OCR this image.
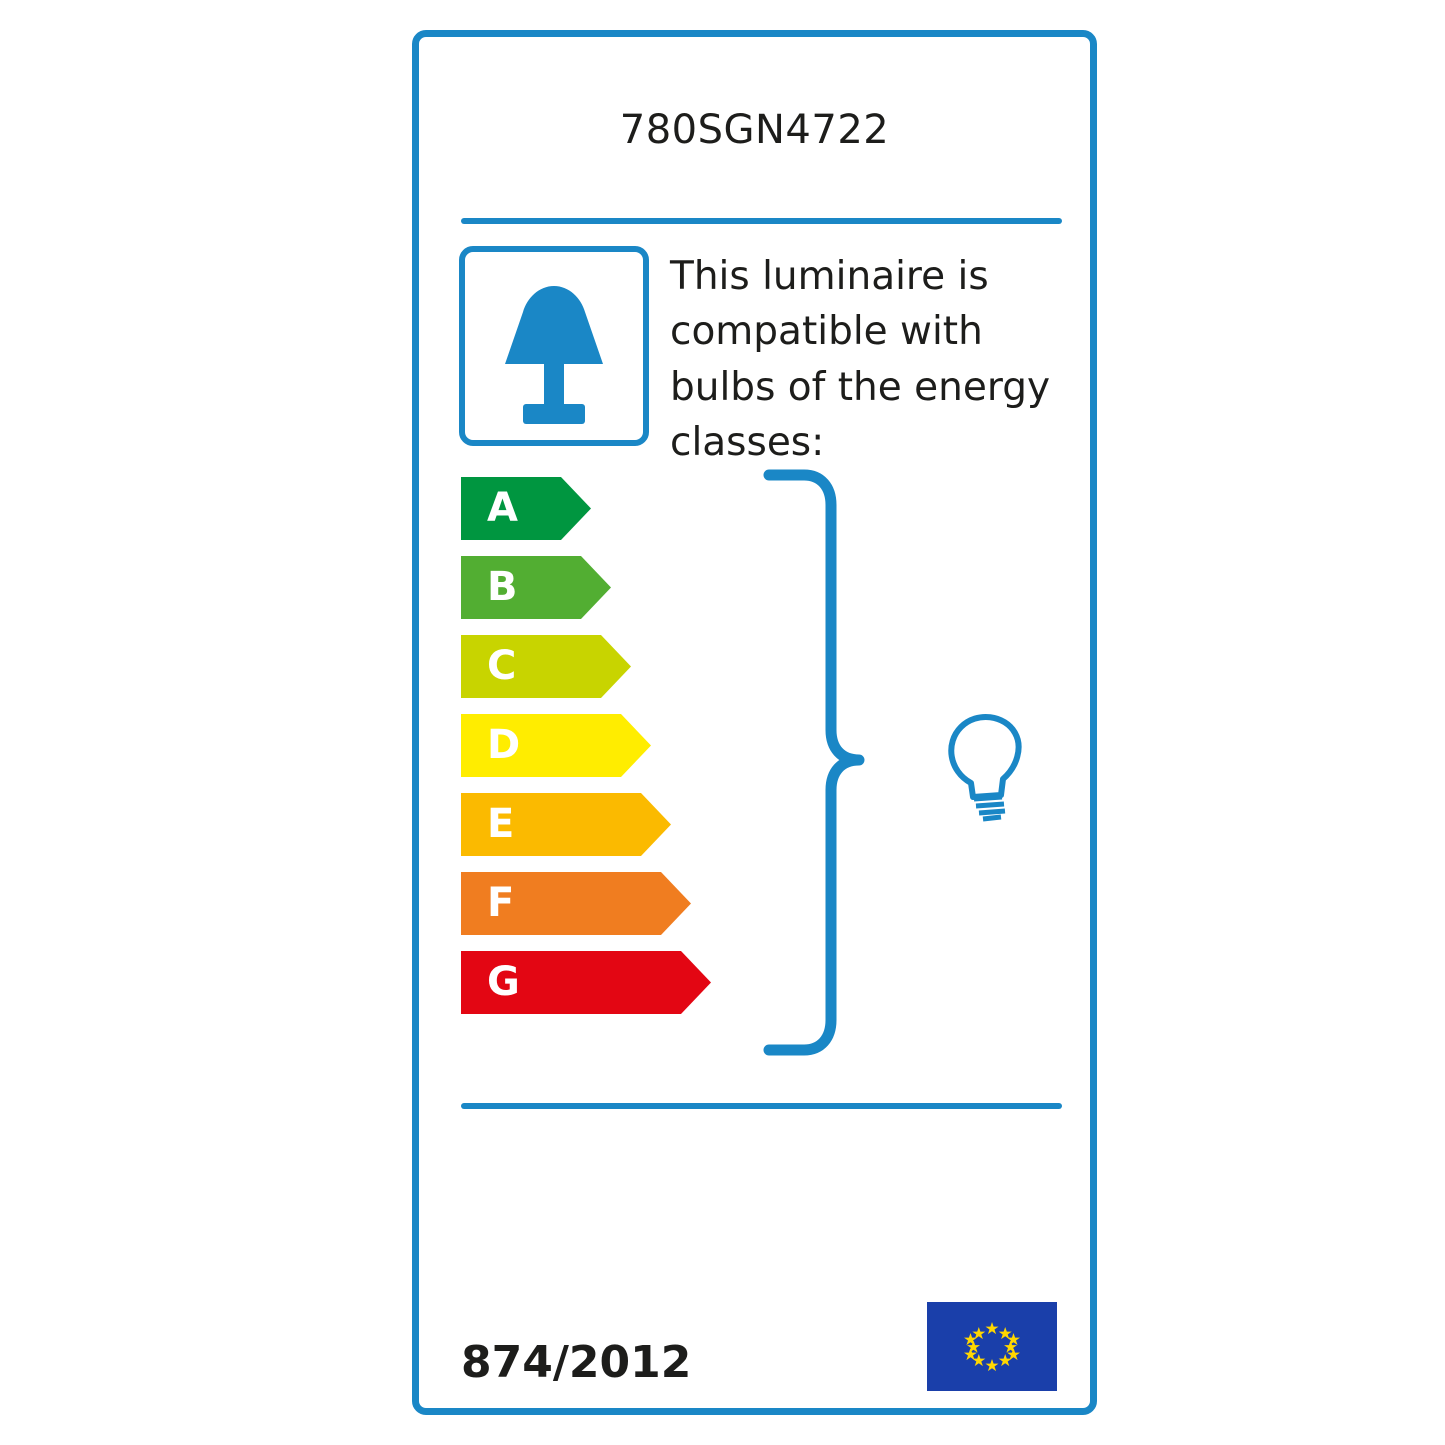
780SGN4722
This luminaire is compatible with bulbs of the energy classes:
A
B
C
D
E
F
G
874/2012
